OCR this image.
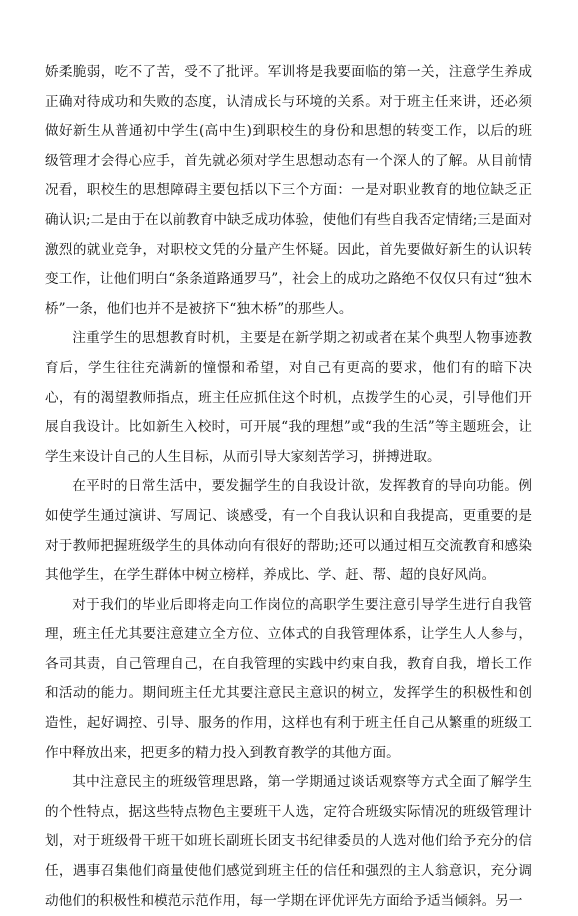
娇柔脆弱，吃不了苦，受不了批评。军训将是我要面临的第一关，注意学生养成正确对待成功和失败的态度，认清成长与环境的关系。对于班主任来讲，还必须做好新生从普通初中学生(高中生)到职校生的身份和思想的转变工作，以后的班级管理才会得心应手，首先就必须对学生思想动态有一个深人的了解。从目前情况看，职校生的思想障碍主要包括以下三个方面：一是对职业教育的地位缺乏正确认识;二是由于在以前教育中缺乏成功体验，使他们有些自我否定情绪;三是面对激烈的就业竞争，对职校文凭的分量产生怀疑。因此，首先要做好新生的认识转变工作，让他们明白“条条道路通罗马”，社会上的成功之路绝不仅仅只有过“独木桥”一条，他们也并不是被挤下“独木桥”的那些人。

注重学生的思想教育时机，主要是在新学期之初或者在某个典型人物事迹教育后，学生往往充满新的憧憬和希望，对自己有更高的要求，他们有的暗下决心，有的渴望教师指点，班主任应抓住这个时机，点拨学生的心灵，引导他们开展自我设计。比如新生入校时，可开展“我的理想”或“我的生活”等主题班会，让学生来设计自己的人生目标，从而引导大家刻苦学习，拼搏进取。

在平时的日常生活中，要发掘学生的自我设计欲，发挥教育的导向功能。例如使学生通过演讲、写周记、谈感受，有一个自我认识和自我提高，更重要的是对于教师把握班级学生的具体动向有很好的帮助;还可以通过相互交流教育和感染其他学生，在学生群体中树立榜样，养成比、学、赶、帮、超的良好风尚。

对于我们的毕业后即将走向工作岗位的高职学生要注意引导学生进行自我管理，班主任尤其要注意建立全方位、立体式的自我管理体系，让学生人人参与，各司其责，自己管理自己，在自我管理的实践中约束自我，教育自我，增长工作和活动的能力。期间班主任尤其要注意民主意识的树立，发挥学生的积极性和创造性，起好调控、引导、服务的作用，这样也有利于班主任自己从繁重的班级工作中释放出来，把更多的精力投入到教育教学的其他方面。

其中注意民主的班级管理思路，第一学期通过谈话观察等方式全面了解学生的个性特点，据这些特点物色主要班干人选，定符合班级实际情况的班级管理计划，对于班级骨干班干如班长副班长团支书纪律委员的人选对他们给予充分的信任，遇事召集他们商量使他们感觉到班主任的信任和强烈的主人翁意识，充分调动他们的积极性和模范示范作用，每一学期在评优评先方面给予适当倾斜。另一
